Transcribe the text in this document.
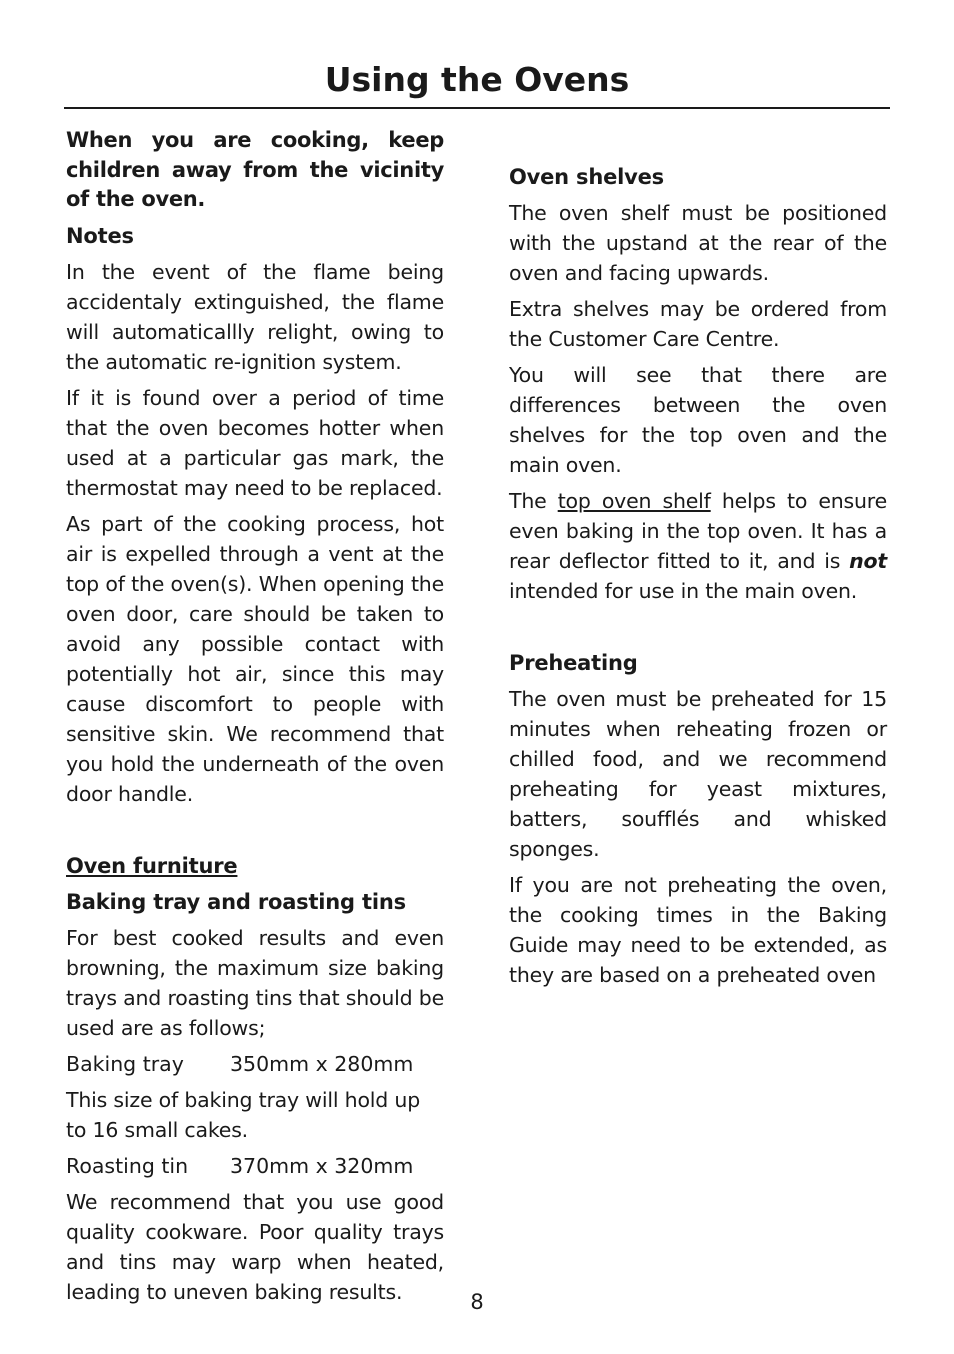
Using the Ovens

When you are cooking, keep children away from the vicinity of the oven.

Notes

In the event of the flame being accidentaly extinguished, the flame will automaticallly relight, owing to the automatic re-ignition system.

If it is found over a period of time that the oven becomes hotter when used at a particular gas mark, the thermostat may need to be replaced.

As part of the cooking process, hot air is expelled through a vent at the top of the oven(s). When opening the oven door, care should be taken to avoid any possible contact with potentially hot air, since this may cause discomfort to people with sensitive skin. We recommend that you hold the underneath of the oven door handle.

Oven furniture
Baking tray and roasting tins

For best cooked results and even browning, the maximum size baking trays and roasting tins that should be used are as follows;

Baking tray	350mm x 280mm

This size of baking tray will hold up to 16 small cakes.

Roasting tin	370mm x 320mm

We recommend that you use good quality cookware. Poor quality trays and tins may warp when heated, leading to uneven baking results.

Oven shelves

The oven shelf must be positioned with the upstand at the rear of the oven and facing upwards.

Extra shelves may be ordered from the Customer Care Centre.

You will see that there are differences between the oven shelves for the top oven and the main oven.

The top oven shelf helps to ensure even baking in the top oven. It has a rear deflector fitted to it, and is not intended for use in the main oven.

Preheating

The oven must be preheated for 15 minutes when reheating frozen or chilled food, and we recommend preheating for yeast mixtures, batters, soufflés and whisked sponges.

If you are not preheating the oven, the cooking times in the Baking Guide may need to be extended, as they are based on a preheated oven

8
